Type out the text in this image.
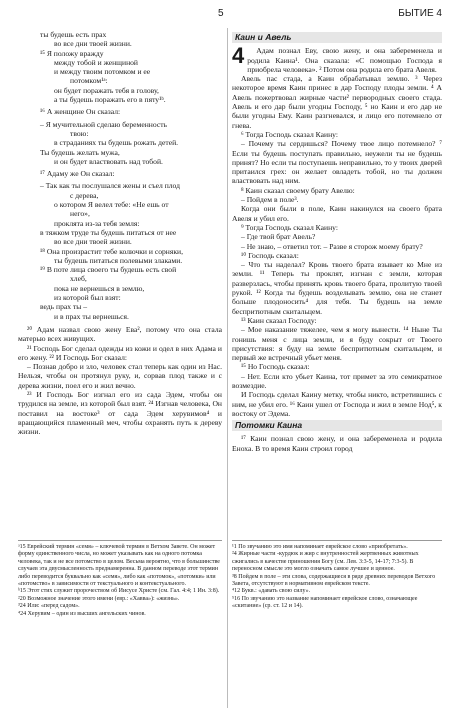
5	БЫТИЕ 4
ты будешь есть прах
во все дни твоей жизни.
¹⁵ Я положу вражду
между тобой и женщиной
и между твоим потомком и ее
потомком¹ᵃ:
он будет поражать тебя в голову,
а ты будешь поражать его в пяту¹ᵇ.
¹⁶ А женщине Он сказал:
– Я мучительной сделаю беременность
твою:
в страданиях ты будешь рожать детей.
Ты будешь желать мужа,
и он будет властвовать над тобой.
¹⁷ Адаму же Он сказал:
– Так как ты послушался жены и съел плод
с дерева,
о котором Я велел тебе: «Не ешь от
него»,
проклята из-за тебя земля:
в тяжком труде ты будешь питаться от нее
во все дни твоей жизни.
¹⁸ Она произрастит тебе колючки и сорняки,
ты будешь питаться полевыми злаками.
¹⁹ В поте лица своего ты будешь есть свой
хлеб,
пока не вернешься в землю,
из которой был взят:
ведь прах ты –
и в прах ты вернешься.

²⁰ Адам назвал свою жену Ева², потому что она стала матерью всех живущих.

²¹ Господь Бог сделал одежды из кожи и одел в них Адама и его жену. ²² И Господь Бог сказал:

– Познав добро и зло, человек стал теперь как один из Нас. Нельзя, чтобы он протянул руку, и, сорвав плод также и с дерева жизни, поел его и жил вечно.

²³ И Господь Бог изгнал его из сада Эдем, чтобы он трудился на земле, из которой был взят. ²⁴ Изгнав человека, Он поставил на востоке³ от сада Эдем херувимов⁴ и вращающийся пламенный меч, чтобы охранять путь к дереву жизни.

Каин и Авель
4	Адам познал Еву, свою жену, и она забеременела и родила Каина¹. Она сказала: «С помощью Господа я приобрела человека». ² Потом она родила его брата Авеля.

Авель пас стада, а Каин обрабатывал землю. ³ Через некоторое время Каин принес в дар Господу плоды земли. ⁴ А Авель пожертвовал жирные части² первородных своего стада. Авель и его дар были угодны Господу, ⁵ но Каин и его дар не были угодны Ему. Каин разгневался, и лицо его потемнело от гнева.

⁶ Тогда Господь сказал Каину:

– Почему ты сердишься? Почему твое лицо потемнело? ⁷ Если ты будешь поступать правильно, неужели ты не будешь принят? Но если ты поступаешь неправильно, то у твоих дверей притаился грех: он желает овладеть тобой, но ты должен властвовать над ним.

⁸ Каин сказал своему брату Авелю:

– Пойдем в поле³.

Когда они были в поле, Каин накинулся на своего брата Авеля и убил его.

⁹ Тогда Господь сказал Каину:

– Где твой брат Авель?

– Не знаю, – ответил тот. – Разве я сторож моему брату?

¹⁰ Господь сказал:

– Что ты наделал? Кровь твоего брата взывает ко Мне из земли. ¹¹ Теперь ты проклят, изгнан с земли, которая разверзлась, чтобы принять кровь твоего брата, пролитую твоей рукой. ¹² Когда ты будешь возделывать землю, она не станет больше плодоносить⁴ для тебя. Ты будешь на земле беспритютным скитальцем.

¹³ Каин сказал Господу:

– Мое наказание тяжелее, чем я могу вынести. ¹⁴ Ныне Ты гонишь меня с лица земли, и я буду сокрыт от Твоего присутствия: я буду на земле беспритютным скитальцем, и первый же встречный убьет меня.

¹⁵ Но Господь сказал:

– Нет. Если кто убьет Каина, тот примет за это семикратное возмездие.

И Господь сделал Каину метку, чтобы никто, встретившись с ним, не убил его. ¹⁶ Каин ушел от Господа и жил в земле Нод⁵, к востоку от Эдема.

Потомки Каина

¹⁷ Каин познал свою жену, и она забеременела и родила Еноха. В то время Каин строил город

ᵃ15 Еврейский термин «семя» – ключевой термин в Ветхом Завете. Он может форму единственного числа, но может указывать как на одного потомка человека, так и не все потомство в целом. Весьма вероятно, что в большинстве случаев эта двусмысленность преднамеренна. В данном переводе этот термин либо переводится буквально как «семя», либо как «потомок», «потомки» или «потомство» в зависимости от текстуального и контекстуального.

ᵇ15 Этот стих служит пророчеством об Иисусе Христе (см. Гал. 4:4; 1 Ин. 3:8).

²20 Возможное значение этого имени (евр.: «Хавва»): «жизнь».

³24 Или: «перед садом».

⁴24 Херувим – один из высших ангельских чинов.

¹1 По звучанию это имя напоминает еврейское слово «приобретать».

²4 Жирные части -курдюк и жир с внутренностей жертвенных животных сжигались в качестве приношения Богу (см. Лев. 3:3-5, 14-17; 7:3-5). В переносном смысле это могло означать самое лучшее и ценное.

³8 Пойдем в поле – эти слова, содержащиеся в ряде древних переводов Ветхого Завета, отсутствуют в нормативном еврейском тексте.

⁴12 Букв.: «давать свою силу».

⁵16 По звучанию это название напоминает еврейское слово, означающее «скитание» (ср. ст. 12 и 14).
